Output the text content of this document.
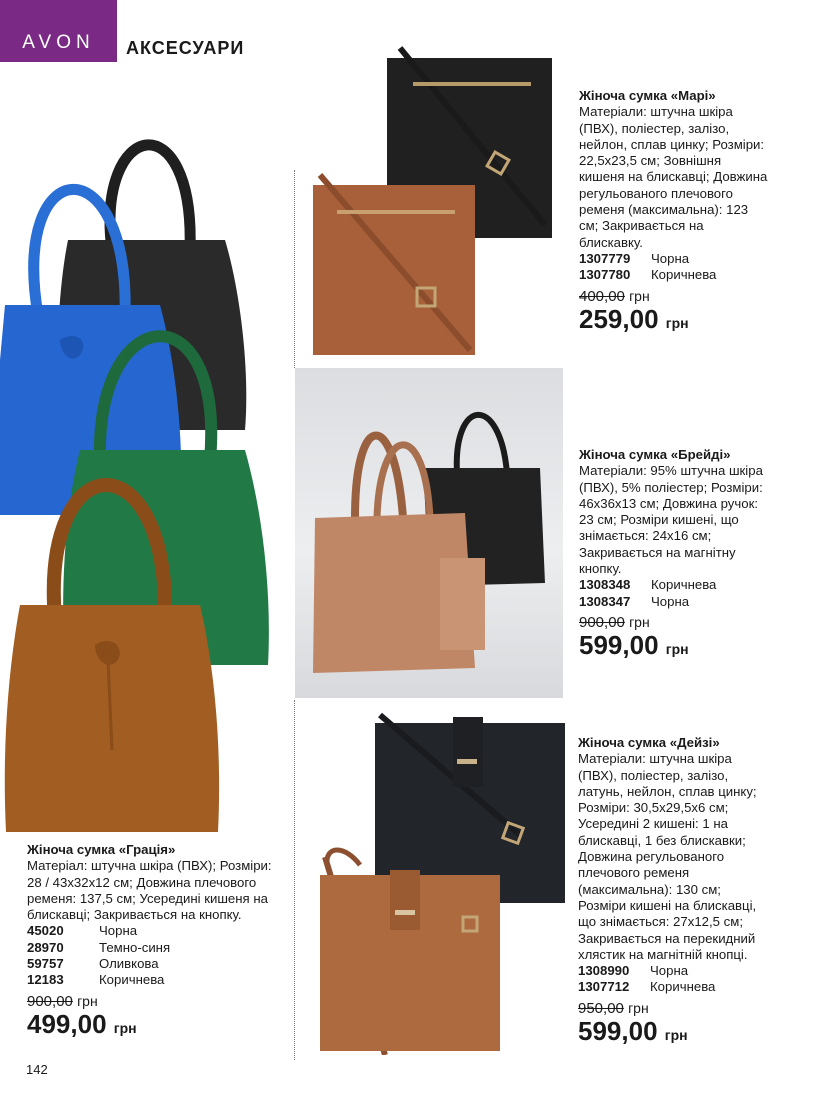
AVON АКСЕСУАРИ
Жіноча сумка «Марі»
Матеріали: штучна шкіра (ПВХ), поліестер, залізо, нейлон, сплав цинку; Розміри: 22,5x23,5 см; Зовнішня кишеня на блискавці; Довжина регульованого плечового ременя (максимальна): 123 см; Закривається на блискавку.
1307779	Чорна
1307780	Коричнева
400,00 грн
259,00 грн
Жіноча сумка «Брейді»
Матеріали: 95% штучна шкіра (ПВХ), 5% поліестер; Розміри: 46x36x13 см; Довжина ручок: 23 см; Розміри кишені, що знімається: 24x16 см; Закривається на магнітну кнопку.
1308348	Коричнева
1308347	Чорна
900,00 грн
599,00 грн
Жіноча сумка «Дейзі»
Матеріали: штучна шкіра (ПВХ), поліестер, залізо, латунь, нейлон, сплав цинку; Розміри: 30,5x29,5x6 см; Усередині 2 кишені: 1 на блискавці, 1 без блискавки; Довжина регульованого плечового ременя (максимальна): 130 см; Розміри кишені на блискавці, що знімається: 27x12,5 см; Закривається на перекидний хлястик на магнітній кнопці.
1308990	Чорна
1307712	Коричнева
950,00 грн
599,00 грн
Жіноча сумка «Грація»
Матеріал: штучна шкіра (ПВХ); Розміри: 28 / 43x32x12 см; Довжина плечового ременя: 137,5 см; Усередині кишеня на блискавці; Закривається на кнопку.
45020	Чорна
28970	Темно-синя
59757	Оливкова
12183	Коричнева
900,00 грн
499,00 грн
142
